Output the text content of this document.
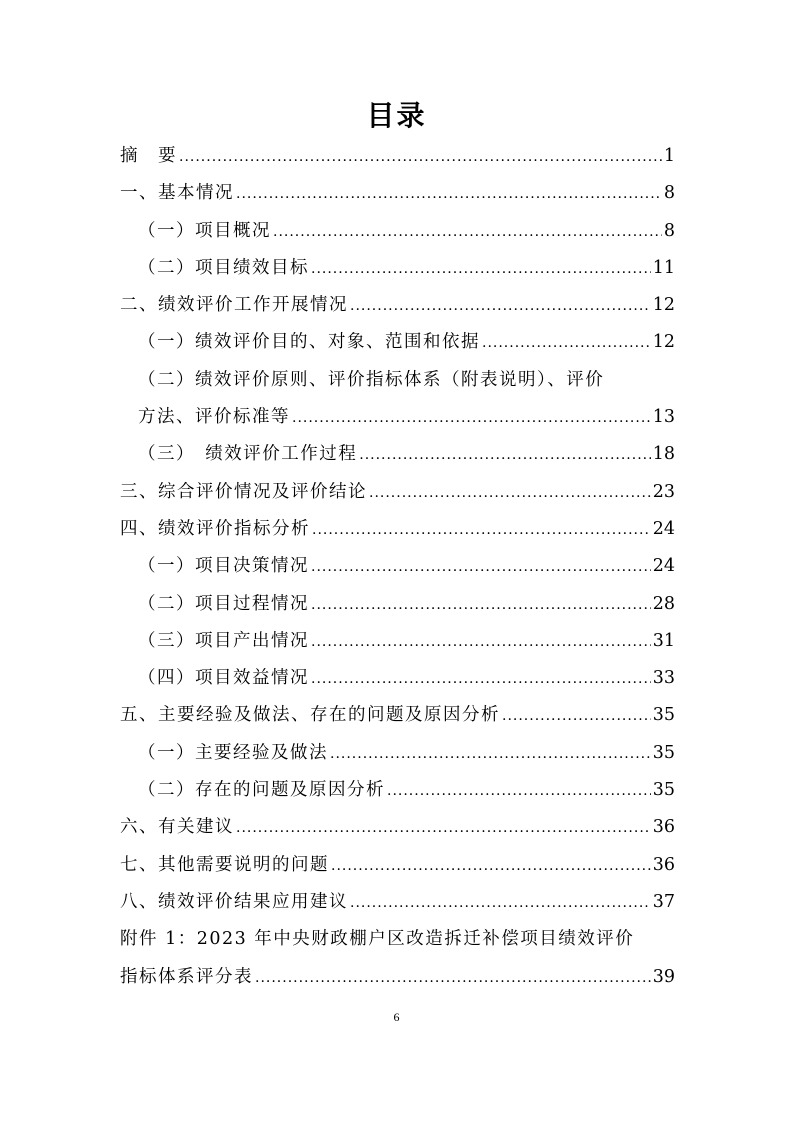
目录
摘　要 .....	1
一、基本情况 .....	8
（一）项目概况 .....	8
（二）项目绩效目标 .....	11
二、绩效评价工作开展情况 .....	12
（一）绩效评价目的、对象、范围和依据 .....	12
（二）绩效评价原则、评价指标体系（附表说明）、评价
方法、评价标准等 .....	13
（三）　绩效评价工作过程 .....	18
三、综合评价情况及评价结论 .....	23
四、绩效评价指标分析 .....	24
（一）项目决策情况 .....	24
（二）项目过程情况 .....	28
（三）项目产出情况 .....	31
（四）项目效益情况 .....	33
五、主要经验及做法、存在的问题及原因分析 .....	35
（一）主要经验及做法 .....	35
（二）存在的问题及原因分析 .....	35
六、有关建议 .....	36
七、其他需要说明的问题 .....	36
八、绩效评价结果应用建议 .....	37
附件 1：2023 年中央财政棚户区改造拆迁补偿项目绩效评价
指标体系评分表 .....	39
6
